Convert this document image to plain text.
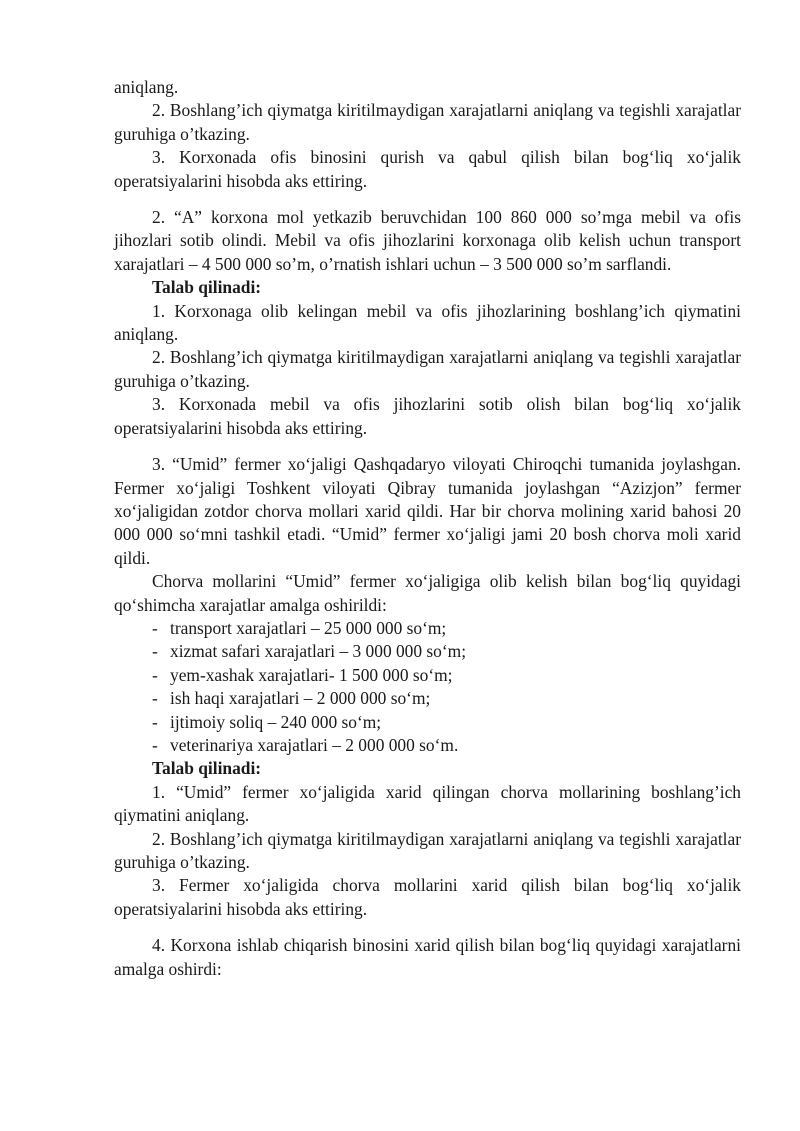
aniqlang.

2. Boshlang’ich qiymatga kiritilmaydigan xarajatlarni aniqlang va tegishli xarajatlar guruhiga o’tkazing.

3. Korxonada ofis binosini qurish va qabul qilish bilan bog‘liq xo‘jalik operatsiyalarini hisobda aks ettiring.

2. “A” korxona mol yetkazib beruvchidan 100 860 000 so’mga mebil va ofis jihozlari sotib olindi. Mebil va ofis jihozlarini korxonaga olib kelish uchun transport xarajatlari – 4 500 000 so’m, o’rnatish ishlari uchun – 3 500 000 so’m sarflandi.

Talab qilinadi:

1. Korxonaga olib kelingan mebil va ofis jihozlarining boshlang’ich qiymatini aniqlang.

2. Boshlang’ich qiymatga kiritilmaydigan xarajatlarni aniqlang va tegishli xarajatlar guruhiga o’tkazing.

3. Korxonada mebil va ofis jihozlarini sotib olish bilan bog‘liq xo‘jalik operatsiyalarini hisobda aks ettiring.

3. “Umid” fermer xo‘jaligi Qashqadaryo viloyati Chiroqchi tumanida joylashgan. Fermer xo‘jaligi Toshkent viloyati Qibray tumanida joylashgan “Azizjon” fermer xo‘jaligidan zotdor chorva mollari xarid qildi. Har bir chorva molining xarid bahosi 20 000 000 so‘mni tashkil etadi. “Umid” fermer xo‘jaligi jami 20 bosh chorva moli xarid qildi.

Chorva mollarini “Umid” fermer xo‘jaligiga olib kelish bilan bog‘liq quyidagi qo‘shimcha xarajatlar amalga oshirildi:

- transport xarajatlari – 25 000 000 so‘m;
- xizmat safari xarajatlari – 3 000 000 so‘m;
- yem-xashak xarajatlari- 1 500 000 so‘m;
- ish haqi xarajatlari – 2 000 000 so‘m;
- ijtimoiy soliq – 240 000 so‘m;
- veterinariya xarajatlari – 2 000 000 so‘m.

Talab qilinadi:

1. “Umid” fermer xo‘jaligida xarid qilingan chorva mollarining boshlang’ich qiymatini aniqlang.

2. Boshlang’ich qiymatga kiritilmaydigan xarajatlarni aniqlang va tegishli xarajatlar guruhiga o’tkazing.

3. Fermer xo‘jaligida chorva mollarini xarid qilish bilan bog‘liq xo‘jalik operatsiyalarini hisobda aks ettiring.

4. Korxona ishlab chiqarish binosini xarid qilish bilan bog‘liq quyidagi xarajatlarni amalga oshirdi:
